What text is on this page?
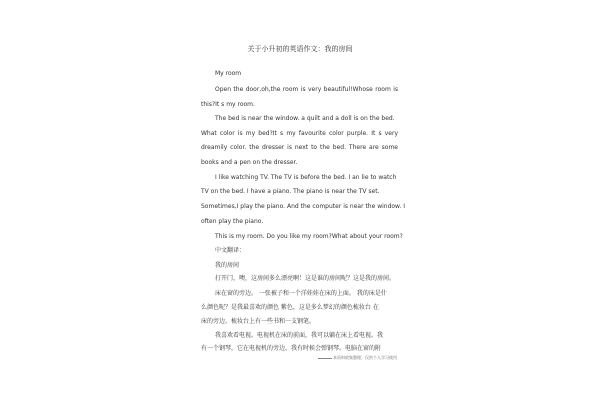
关于小升初的英语作文：我的房间
My room
Open the door,oh,the room is very beautiful!Whose room is
this?It s my room.
The bed is near the window. a quilt and a doll is on the bed.
What color is my bed?It s my favourite color purple. It s very
dreamily color. the dresser is next to the bed. There are some
books and a pen on the dresser.
I like watching TV. The TV is before the bed. I an lie to watch
TV on the bed. I have a piano. The piano is near the TV set.
Sometimes,I play the piano. And the computer is near the window. I
often play the piano.
This is my room. Do you like my room?What about your room?
中文翻译：
我的房间
打开门，噢，这房间多么漂亮啊！这是谁的房间呢？这是我的房间。
床在窗的旁边。 一张被子和一个洋娃娃在床的上面。 我的床是什
么颜色呢？是我最喜欢的颜色 紫色，这是多么梦幻的颜色梳妆台 在
床的旁边。梳妆台上有一些书和一支钢笔。
我喜欢看电视。电视机在床的前面，我可以躺在床上看电视。我
有一个钢琴，它在电视机的旁边，我有时候会弹钢琴。电脑在窗的附
本资料收集整理，仅供个人学习使用
